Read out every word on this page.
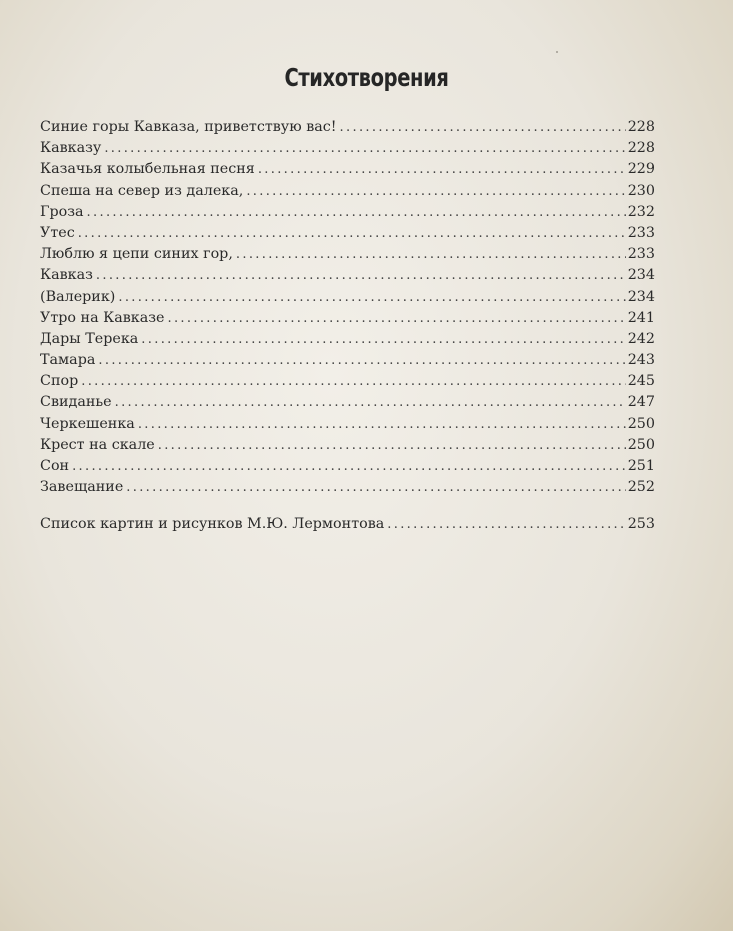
Стихотворения
Синие горы Кавказа, приветствую вас! . . .	228
Кавказу . . .	228
Казачья колыбельная песня . . .	229
Спеша на север из далека, . . .	230
Гроза . . .	232
Утес . . .	233
Люблю я цепи синих гор, . . .	233
Кавказ . . .	234
(Валерик) . . .	234
Утро на Кавказе . . .	241
Дары Терека . . .	242
Тамара . . .	243
Спор . . .	245
Свиданье . . .	247
Черкешенка . . .	250
Крест на скале . . .	250
Сон . . .	251
Завещание . . .	252
Список картин и рисунков М.Ю. Лермонтова . . .	253
